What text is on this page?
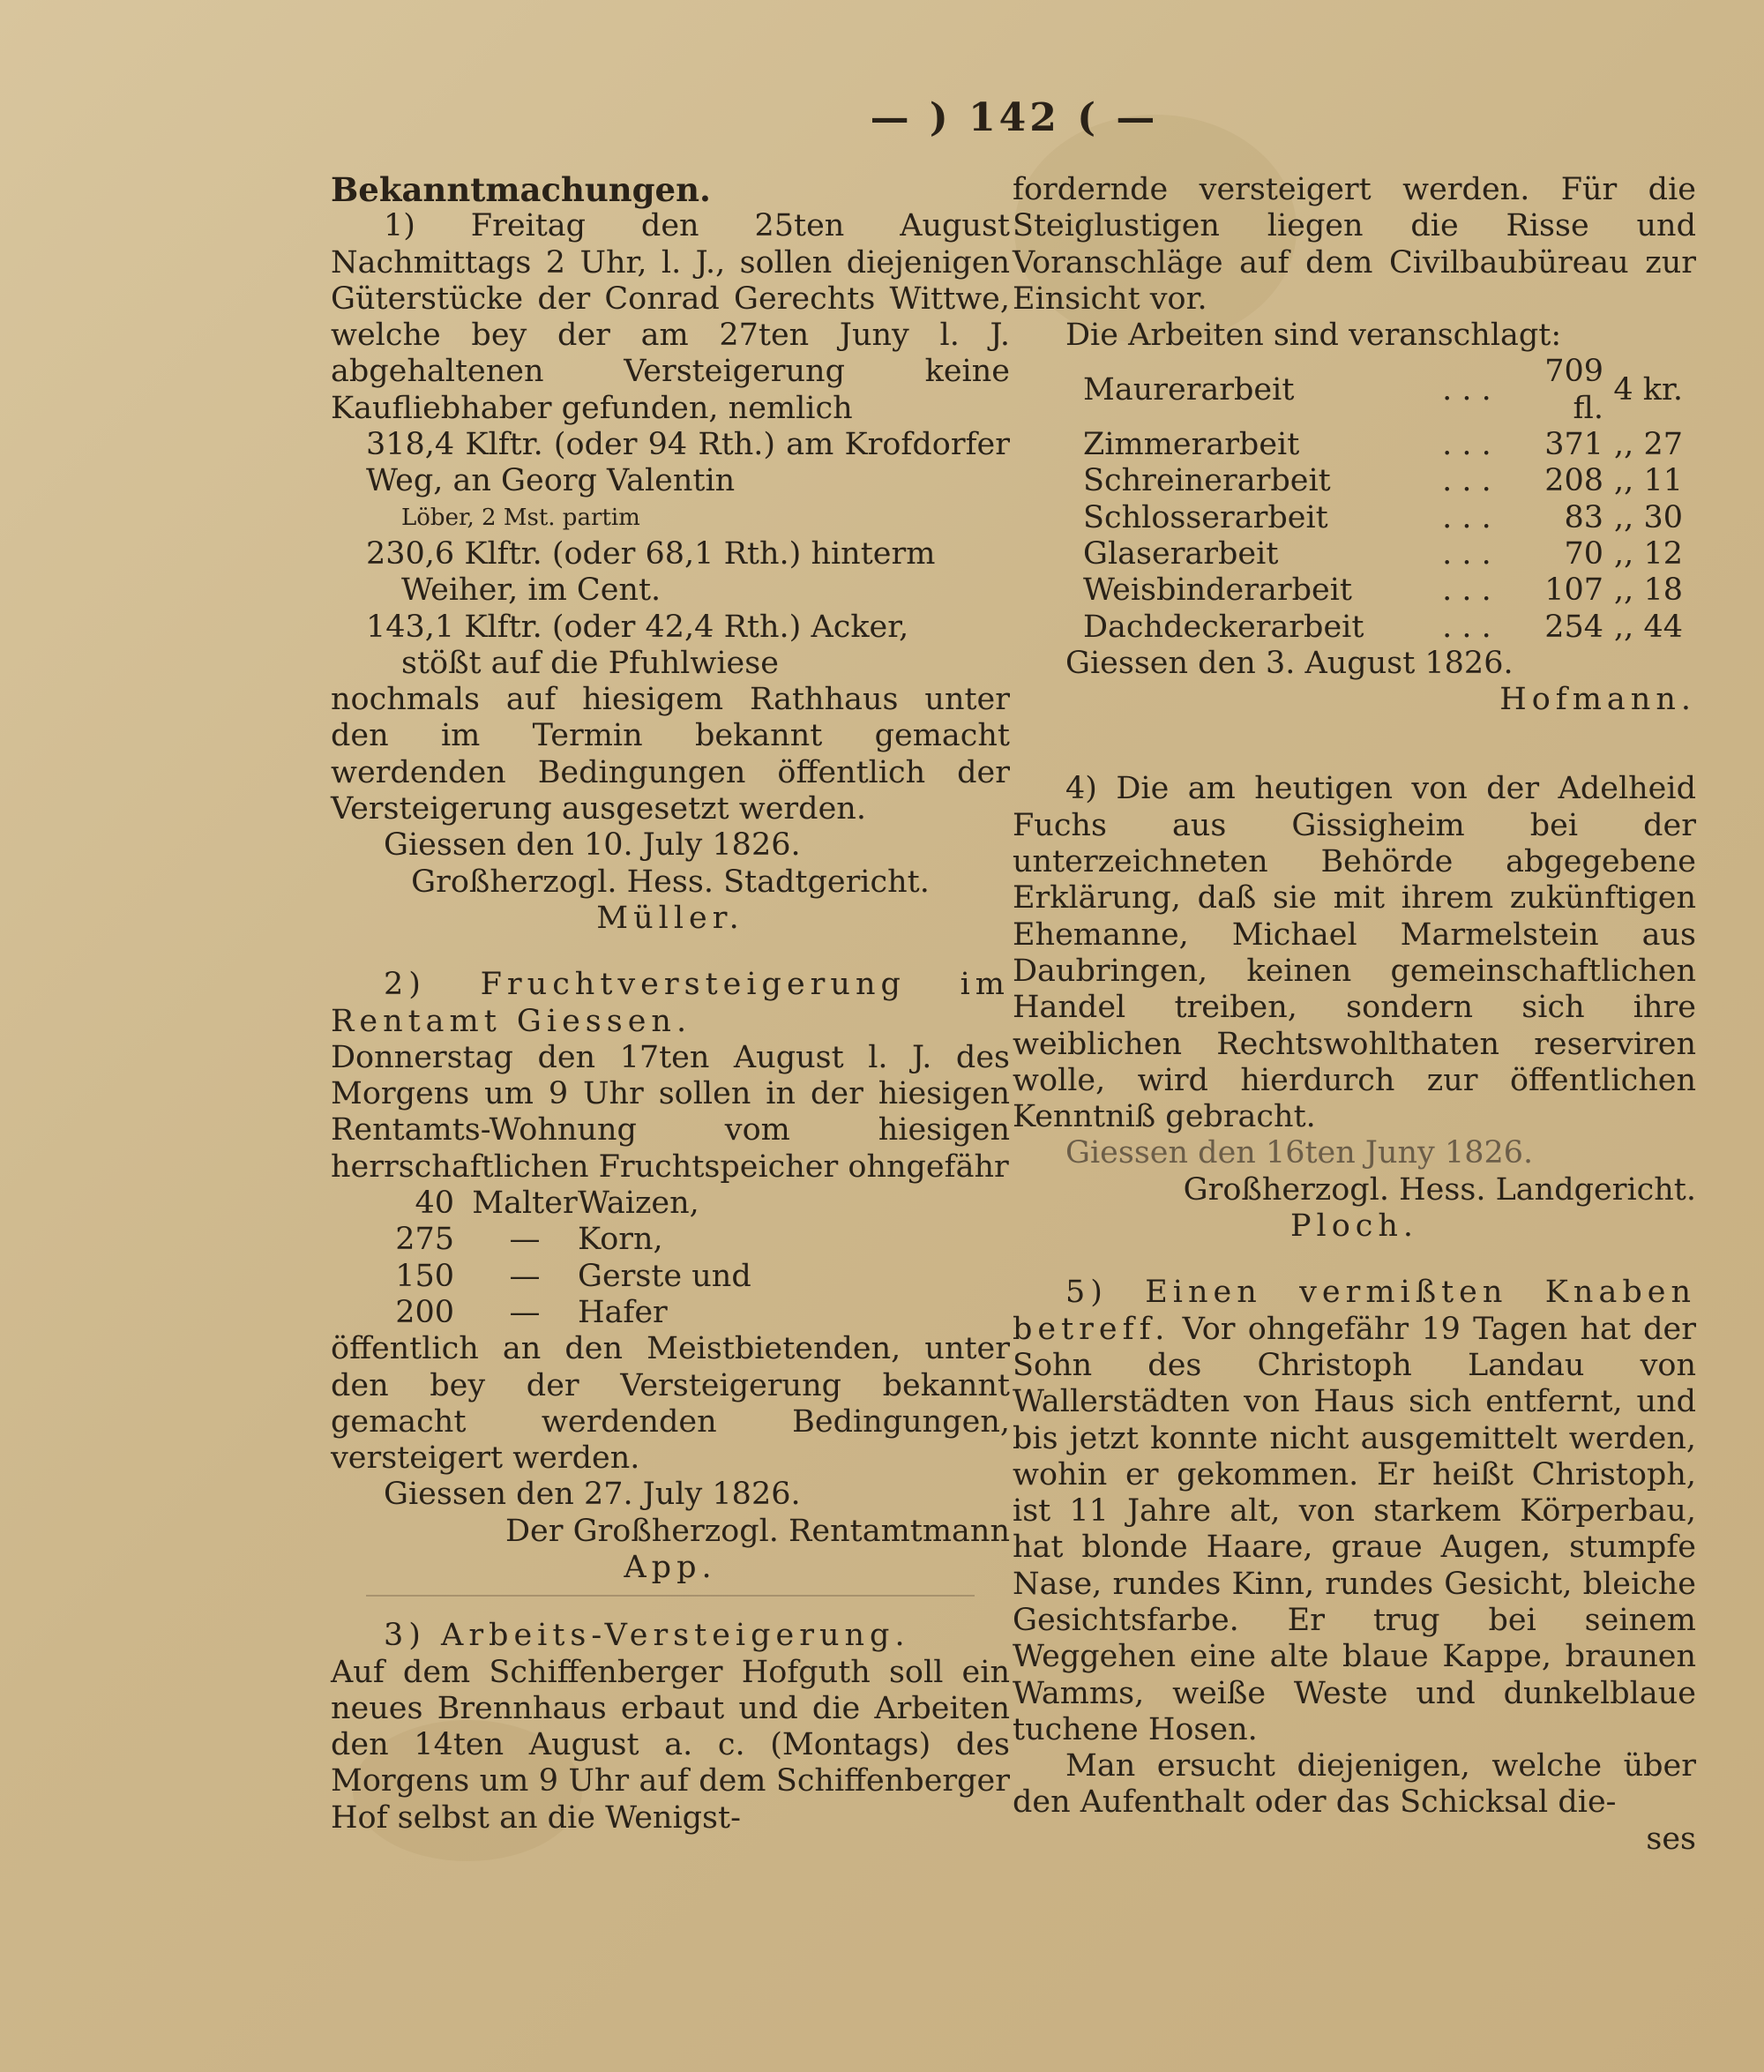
— ) 142 ( —

Bekanntmachungen.

1) Freitag den 25ten August Nachmittags 2 Uhr, l. J., sollen diejenigen Güterstücke der Conrad Gerechts Wittwe, welche bey der am 27ten Juny l. J. abgehaltenen Versteigerung keine Kaufliebhaber gefunden, nemlich

318,4 Klftr. (oder 94 Rth.) am Krofdorfer Weg, an Georg Valentin

Löber, 2 Mst. partim

230,6 Klftr. (oder 68,1 Rth.) hinterm

Weiher, im Cent.

143,1 Klftr. (oder 42,4 Rth.) Acker,

stößt auf die Pfuhlwiese

nochmals auf hiesigem Rathhaus unter den im Termin bekannt gemacht werdenden Bedingungen öffentlich der Versteigerung ausgesetzt werden.

Giessen den 10. July 1826.

Großherzogl. Hess. Stadtgericht.

Müller.

2) Fruchtversteigerung im Rentamt Giessen.

Donnerstag den 17ten August l. J. des Morgens um 9 Uhr sollen in der hiesigen Rentamts-Wohnung vom hiesigen herrschaftlichen Fruchtspeicher ohngefähr

40	Malter	Waizen,
275	—	Korn,
150	—	Gerste und
200	—	Hafer

öffentlich an den Meistbietenden, unter den bey der Versteigerung bekannt gemacht werdenden Bedingungen, versteigert werden.

Giessen den 27. July 1826.

Der Großherzogl. Rentamtmann

App.

3) Arbeits-Versteigerung.

Auf dem Schiffenberger Hofguth soll ein neues Brennhaus erbaut und die Arbeiten den 14ten August a. c. (Montags) des Morgens um 9 Uhr auf dem Schiffenberger Hof selbst an die Wenigst-

fordernde versteigert werden. Für die Steiglustigen liegen die Risse und Voranschläge auf dem Civilbaubüreau zur Einsicht vor.

Die Arbeiten sind veranschlagt:

Maurerarbeit	. . .	709 fl.	4 kr.
Zimmerarbeit	. . .	371	,, 27
Schreinerarbeit	. . .	208	,, 11
Schlosserarbeit	. . .	83	,, 30
Glaserarbeit	. . .	70	,, 12
Weisbinderarbeit	. . .	107	,, 18
Dachdeckerarbeit	. . .	254	,, 44

Giessen den 3. August 1826.

Hofmann.

4) Die am heutigen von der Adelheid Fuchs aus Gissigheim bei der unterzeichneten Behörde abgegebene Erklärung, daß sie mit ihrem zukünftigen Ehemanne, Michael Marmelstein aus Daubringen, keinen gemeinschaftlichen Handel treiben, sondern sich ihre weiblichen Rechtswohlthaten reserviren wolle, wird hierdurch zur öffentlichen Kenntniß gebracht.

Giessen den 16ten Juny 1826.

Großherzogl. Hess. Landgericht.

Ploch.

5) Einen vermißten Knaben betreff. Vor ohngefähr 19 Tagen hat der Sohn des Christoph Landau von Wallerstädten von Haus sich entfernt, und bis jetzt konnte nicht ausgemittelt werden, wohin er gekommen. Er heißt Christoph, ist 11 Jahre alt, von starkem Körperbau, hat blonde Haare, graue Augen, stumpfe Nase, rundes Kinn, rundes Gesicht, bleiche Gesichtsfarbe. Er trug bei seinem Weggehen eine alte blaue Kappe, braunen Wamms, weiße Weste und dunkelblaue tuchene Hosen.

Man ersucht diejenigen, welche über den Aufenthalt oder das Schicksal die-

ses
